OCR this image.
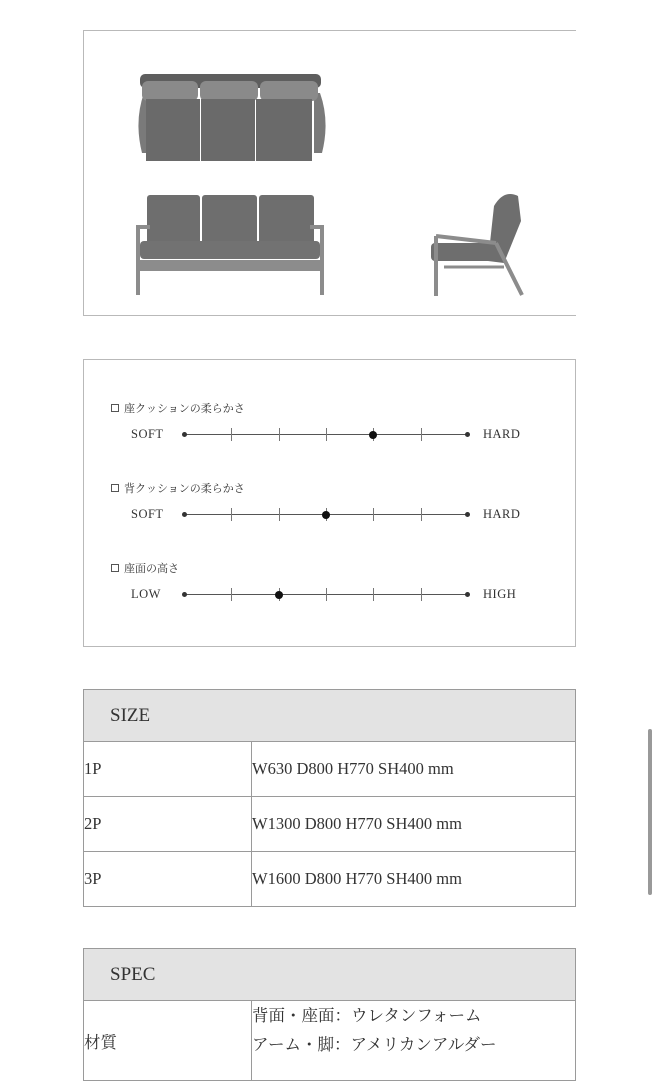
座クッションの柔らかさ
SOFT	HARD
背クッションの柔らかさ
SOFT	HARD
座面の高さ
LOW	HIGH
SIZE	
1P	W630 D800 H770 SH400 mm
2P	W1300 D800 H770 SH400 mm
3P	W1600 D800 H770 SH400 mm
SPEC
材質	
背面・座面：ウレタンフォーム
アーム・脚：アメリカンアルダー
